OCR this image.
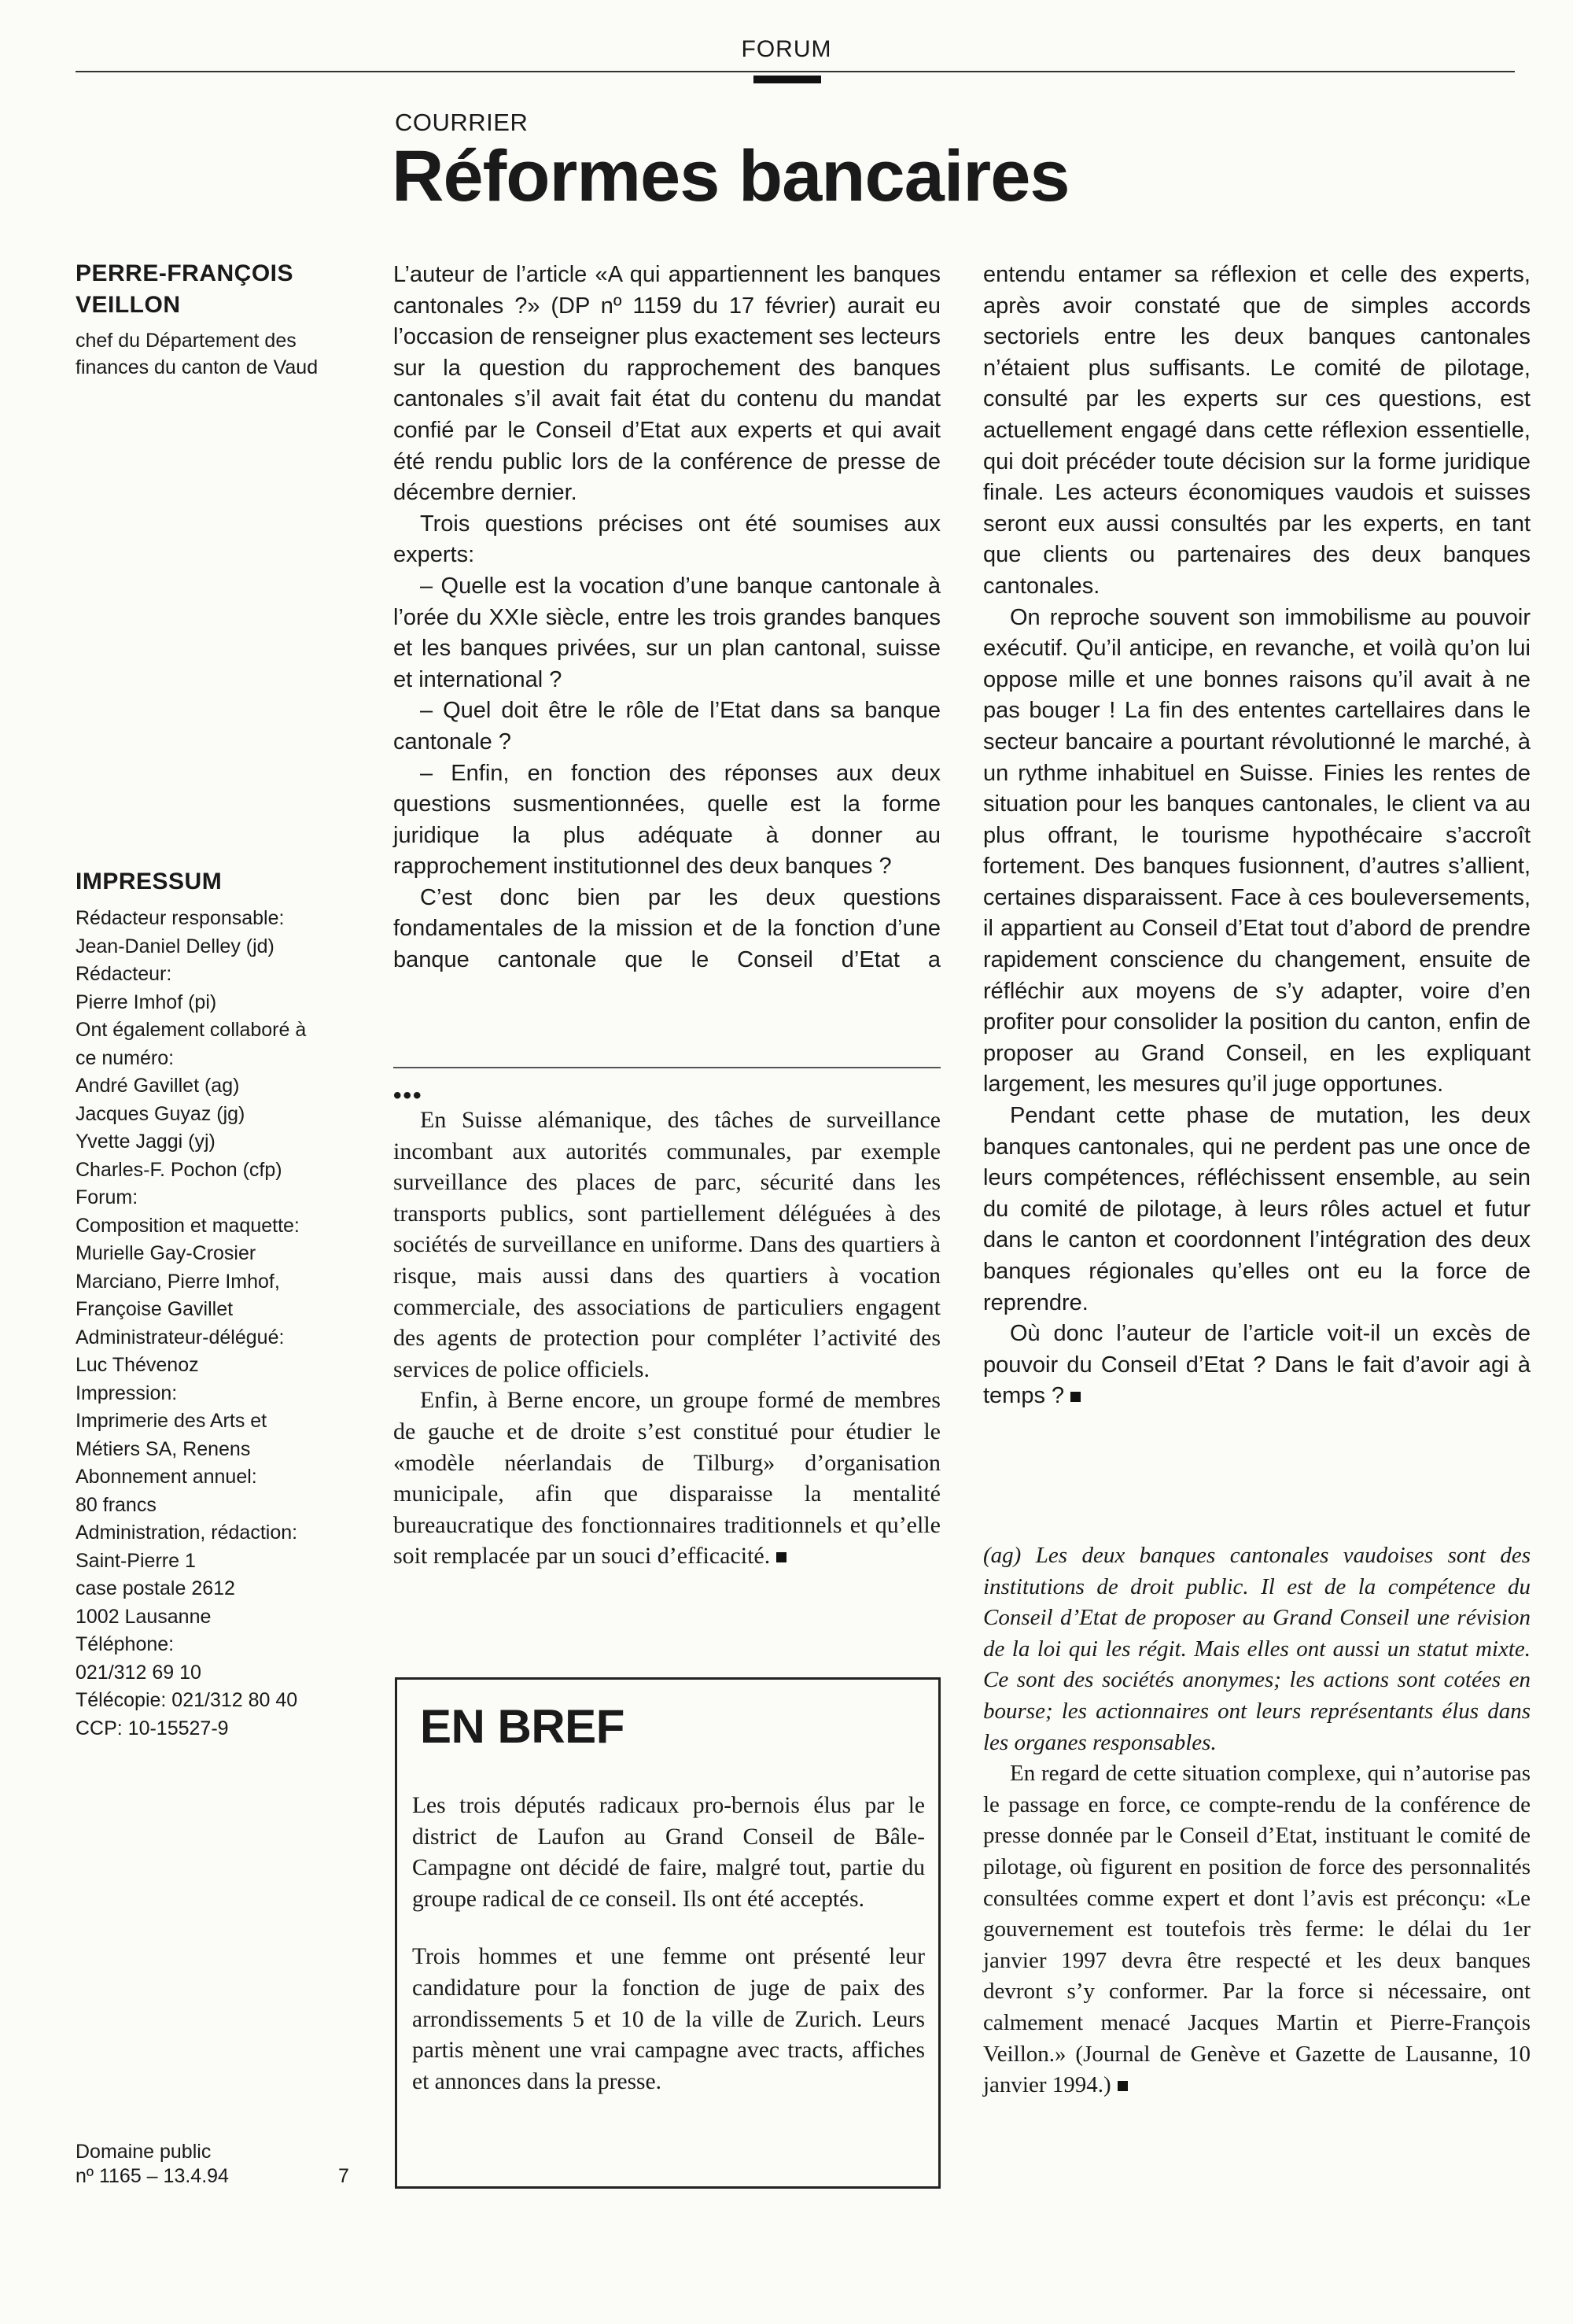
FORUM
COURRIER
Réformes bancaires
PERRE-FRANÇOIS VEILLON
chef du Département des finances du canton de Vaud
IMPRESSUM
Rédacteur responsable:
Jean-Daniel Delley (jd)
Rédacteur:
Pierre Imhof (pi)
Ont également collaboré à
ce numéro:
André Gavillet (ag)
Jacques Guyaz (jg)
Yvette Jaggi (yj)
Charles-F. Pochon (cfp)
Forum:
Composition et maquette:
Murielle Gay-Crosier
Marciano, Pierre Imhof,
Françoise Gavillet
Administrateur-délégué:
Luc Thévenoz
Impression:
Imprimerie des Arts et
Métiers SA, Renens
Abonnement annuel:
80 francs
Administration, rédaction:
Saint-Pierre 1
case postale 2612
1002 Lausanne
Téléphone:
021/312 69 10
Télécopie: 021/312 80 40
CCP: 10-15527-9
Domaine public
nº 1165 – 13.4.94	7

L’auteur de l’article «A qui appartiennent les banques cantonales ?» (DP nº 1159 du 17 février) aurait eu l’occasion de renseigner plus exactement ses lecteurs sur la question du rapprochement des banques cantonales s’il avait fait état du contenu du mandat confié par le Conseil d’Etat aux experts et qui avait été rendu public lors de la conférence de presse de décembre dernier.

Trois questions précises ont été soumises aux experts:

– Quelle est la vocation d’une banque cantonale à l’orée du XXIe siècle, entre les trois grandes banques et les banques privées, sur un plan cantonal, suisse et international ?

– Quel doit être le rôle de l’Etat dans sa banque cantonale ?

– Enfin, en fonction des réponses aux deux questions susmentionnées, quelle est la forme juridique la plus adéquate à donner au rapprochement institutionnel des deux banques ?

C’est donc bien par les deux questions fondamentales de la mission et de la fonction d’une banque cantonale que le Conseil d’Etat a

entendu entamer sa réflexion et celle des experts, après avoir constaté que de simples accords sectoriels entre les deux banques cantonales n’étaient plus suffisants. Le comité de pilotage, consulté par les experts sur ces questions, est actuellement engagé dans cette réflexion essentielle, qui doit précéder toute décision sur la forme juridique finale. Les acteurs économiques vaudois et suisses seront eux aussi consultés par les experts, en tant que clients ou partenaires des deux banques cantonales.

On reproche souvent son immobilisme au pouvoir exécutif. Qu’il anticipe, en revanche, et voilà qu’on lui oppose mille et une bonnes raisons qu’il avait à ne pas bouger ! La fin des ententes cartellaires dans le secteur bancaire a pourtant révolutionné le marché, à un rythme inhabituel en Suisse. Finies les rentes de situation pour les banques cantonales, le client va au plus offrant, le tourisme hypothécaire s’accroît fortement. Des banques fusionnent, d’autres s’allient, certaines disparaissent. Face à ces bouleversements, il appartient au Conseil d’Etat tout d’abord de prendre rapidement conscience du changement, ensuite de réfléchir aux moyens de s’y adapter, voire d’en profiter pour consolider la position du canton, enfin de proposer au Grand Conseil, en les expliquant largement, les mesures qu’il juge opportunes.

Pendant cette phase de mutation, les deux banques cantonales, qui ne perdent pas une once de leurs compétences, réfléchissent ensemble, au sein du comité de pilotage, à leurs rôles actuel et futur dans le canton et coordonnent l’intégration des deux banques régionales qu’elles ont eu la force de reprendre.

Où donc l’auteur de l’article voit-il un excès de pouvoir du Conseil d’Etat ? Dans le fait d’avoir agi à temps ?

(ag) Les deux banques cantonales vaudoises sont des institutions de droit public. Il est de la compétence du Conseil d’Etat de proposer au Grand Conseil une révision de la loi qui les régit. Mais elles ont aussi un statut mixte. Ce sont des sociétés anonymes; les actions sont cotées en bourse; les actionnaires ont leurs représentants élus dans les organes responsables.

En regard de cette situation complexe, qui n’autorise pas le passage en force, ce compte-rendu de la conférence de presse donnée par le Conseil d’Etat, instituant le comité de pilotage, où figurent en position de force des personnalités consultées comme expert et dont l’avis est préconçu: «Le gouvernement est toutefois très ferme: le délai du 1er janvier 1997 devra être respecté et les deux banques devront s’y conformer. Par la force si nécessaire, ont calmement menacé Jacques Martin et Pierre-François Veillon.» (Journal de Genève et Gazette de Lausanne, 10 janvier 1994.)

•••

En Suisse alémanique, des tâches de surveillance incombant aux autorités communales, par exemple surveillance des places de parc, sécurité dans les transports publics, sont partiellement déléguées à des sociétés de surveillance en uniforme. Dans des quartiers à risque, mais aussi dans des quartiers à vocation commerciale, des associations de particuliers engagent des agents de protection pour compléter l’activité des services de police officiels.

Enfin, à Berne encore, un groupe formé de membres de gauche et de droite s’est constitué pour étudier le «modèle néerlandais de Tilburg» d’organisation municipale, afin que disparaisse la mentalité bureaucratique des fonctionnaires traditionnels et qu’elle soit remplacée par un souci d’efficacité.

EN BREF

Les trois députés radicaux pro-bernois élus par le district de Laufon au Grand Conseil de Bâle-Campagne ont décidé de faire, malgré tout, partie du groupe radical de ce conseil. Ils ont été acceptés.

Trois hommes et une femme ont présenté leur candidature pour la fonction de juge de paix des arrondissements 5 et 10 de la ville de Zurich. Leurs partis mènent une vrai campagne avec tracts, affiches et annonces dans la presse.
